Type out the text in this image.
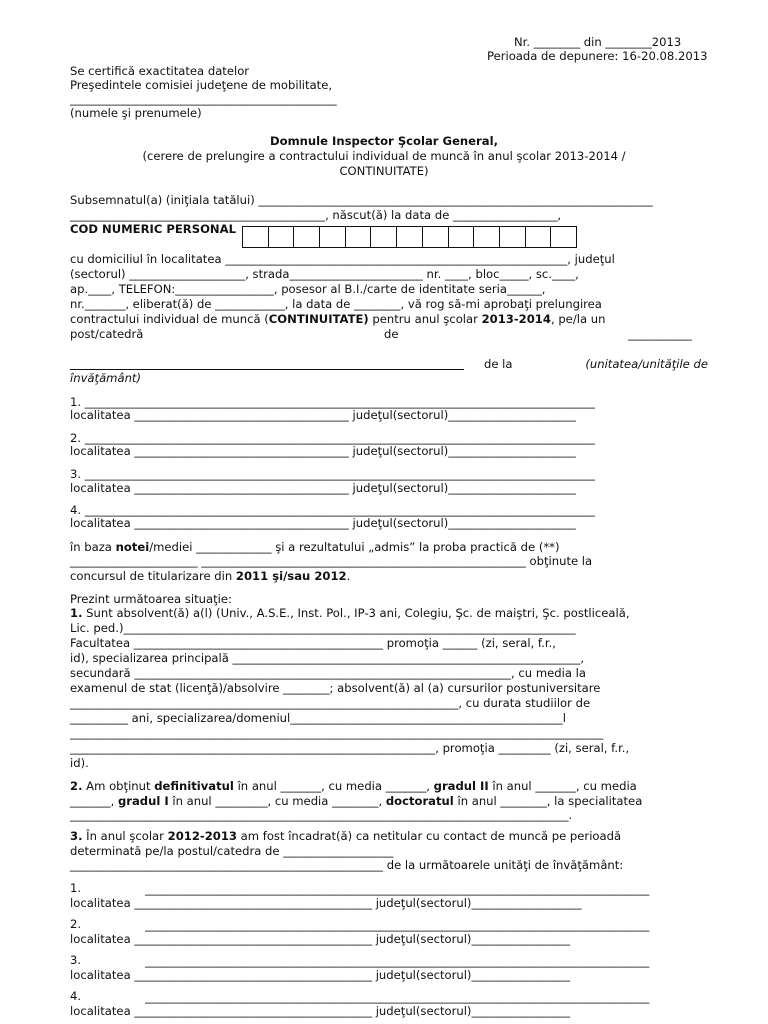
Nr. ________ din ________2013
Perioada de depunere: 16-20.08.2013
Se certifică exactitatea datelor
Preşedintele comisiei judeţene de mobilitate,
______________________________________________
(numele şi prenumele)
Domnule Inspector Şcolar General,
(cerere de prelungire a contractului individual de muncă în anul şcolar 2013-2014 / CONTINUITATE)
Subsemnatul(a) (iniţiala tatălui) ____________________________________________________________________
____________________________________________, născut(ă) la data de __________________,
COD NUMERIC PERSONAL
cu domiciliul în localitatea ___________________________________________________________, judeţul
(sectorul) ____________________, strada_______________________ nr. ____, bloc_____, sc.____,
ap.____, TELEFON:_________________, posesor al B.I./carte de identitate seria______,
nr._______, eliberat(ă) de ____________, la data de ________, vă rog să-mi aprobaţi prelungirea
contractului individual de muncă (CONTINUITATE) pentru anul şcolar 2013-2014, pe/la un
post/catedră	de	___________
de la	(unitatea/unităţile de
învăţământ)
1. ________________________________________________________________________________________
localitatea _____________________________________ judeţul(sectorul)______________________
2. ________________________________________________________________________________________
localitatea _____________________________________ judeţul(sectorul)______________________
3. ________________________________________________________________________________________
localitatea _____________________________________ judeţul(sectorul)______________________
4. ________________________________________________________________________________________
localitatea _____________________________________ judeţul(sectorul)______________________
în baza notei/mediei _____________ şi a rezultatului „admis” la proba practică de (**)
______________________ ________________________________________________________ obţinute la
concursul de titularizare din 2011 şi/sau 2012.
Prezint următoarea situaţie:
1. Sunt absolvent(ă) a(l) (Univ., A.S.E., Inst. Pol., IP-3 ani, Colegiu, Şc. de maiştri, Şc. postliceală,
Lic. ped.)______________________________________________________________________________
Facultatea ___________________________________________ promoţia ______ (zi, seral, f.r.,
id), specializarea principală ____________________________________________________________,
secundară _________________________________________________________________, cu media la
examenul de stat (licenţă)/absolvire ________; absolvent(ă) al (a) cursurilor postuniversitare
___________________________________________________________________, cu durata studiilor de
__________ ani, specializarea/domeniul_______________________________________________l
____________________________________________________________________________________________
_______________________________________________________________, promoţia _________ (zi, seral, f.r.,
id).
2. Am obţinut definitivatul în anul _______, cu media _______, gradul II în anul _______, cu media
_______, gradul I în anul _________, cu media ________, doctoratul în anul ________, la specialitatea
______________________________________________________________________________________.
3. În anul şcolar 2012-2013 am fost încadrat(ă) ca netitular cu contact de muncă pe perioadă
determinată pe/la postul/catedra de ___________________
______________________________________________________ de la următoarele unităţi de învăţământ:
1.	_______________________________________________________________________________________
localitatea _________________________________________ judeţul(sectorul)___________________
2.	_______________________________________________________________________________________
localitatea _________________________________________ judeţul(sectorul)_________________
3.	_______________________________________________________________________________________
localitatea _________________________________________ judeţul(sectorul)_________________
4.	_______________________________________________________________________________________
localitatea _________________________________________ judeţul(sectorul)_________________
